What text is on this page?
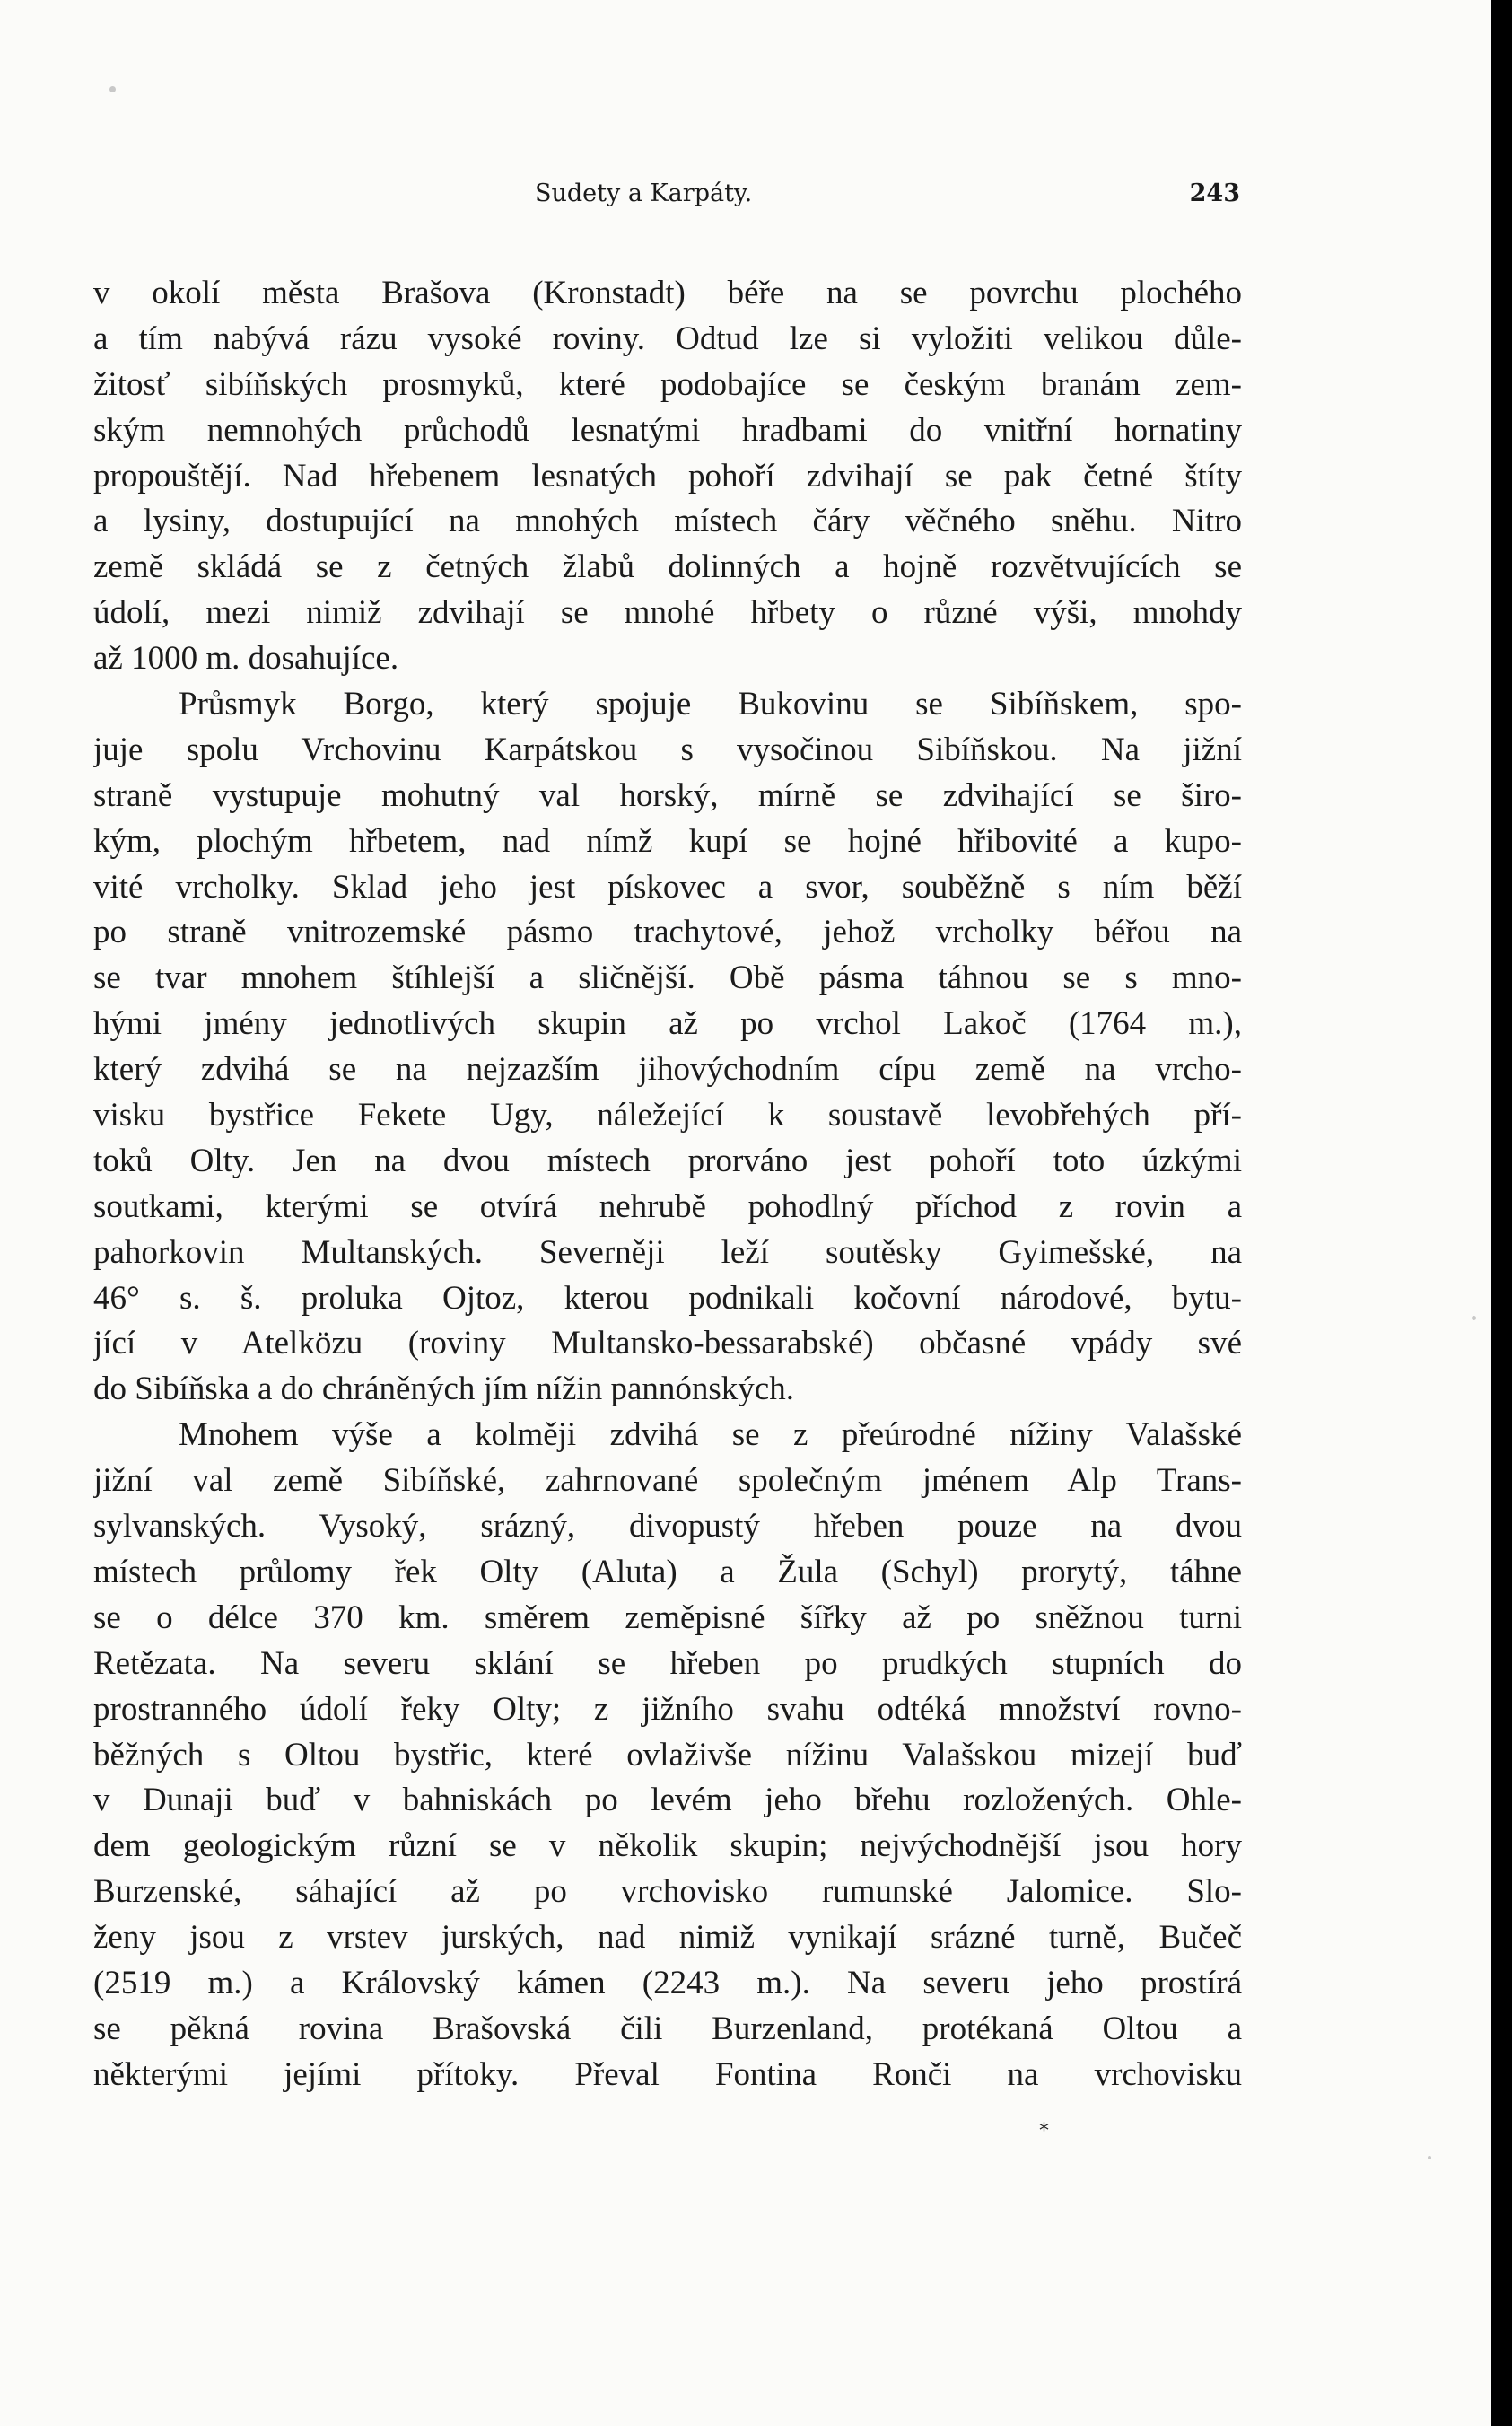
Sudety a Karpáty.	243
v okolí města Brašova (Kronstadt) béře na se povrchu plochého
a tím nabývá rázu vysoké roviny. Odtud lze si vyložiti velikou důle-
žitosť sibíňských prosmyků, které podobajíce se českým branám zem-
ským nemnohých průchodů lesnatými hradbami do vnitřní hornatiny
propouštějí. Nad hřebenem lesnatých pohoří zdvihají se pak četné štíty
a lysiny, dostupující na mnohých místech čáry věčného sněhu. Nitro
země skládá se z četných žlabů dolinných a hojně rozvětvujících se
údolí, mezi nimiž zdvihají se mnohé hřbety o různé výši, mnohdy
až 1000 m. dosahujíce.
Průsmyk Borgo, který spojuje Bukovinu se Sibíňskem, spo-
juje spolu Vrchovinu Karpátskou s vysočinou Sibíňskou. Na jižní
straně vystupuje mohutný val horský, mírně se zdvihající se širo-
kým, plochým hřbetem, nad nímž kupí se hojné hřibovité a kupo-
vité vrcholky. Sklad jeho jest pískovec a svor, souběžně s ním běží
po straně vnitrozemské pásmo trachytové, jehož vrcholky béřou na
se tvar mnohem štíhlejší a sličnější. Obě pásma táhnou se s mno-
hými jmény jednotlivých skupin až po vrchol Lakoč (1764 m.),
který zdvihá se na nejzazším jihovýchodním cípu země na vrcho-
visku bystřice Fekete Ugy, náležející k soustavě levobřehých pří-
toků Olty. Jen na dvou místech prorváno jest pohoří toto úzkými
soutkami, kterými se otvírá nehrubě pohodlný příchod z rovin a
pahorkovin Multanských. Severněji leží soutěsky Gyimešské, na
46° s. š. proluka Ojtoz, kterou podnikali kočovní národové, bytu-
jící v Atelközu (roviny Multansko-bessarabské) občasné vpády své
do Sibíňska a do chráněných jím nížin pannónských.
Mnohem výše a kolměji zdvihá se z přeúrodné nížiny Valašské
jižní val země Sibíňské, zahrnované společným jménem Alp Trans-
sylvanských. Vysoký, srázný, divopustý hřeben pouze na dvou
místech průlomy řek Olty (Aluta) a Žula (Schyl) prorytý, táhne
se o délce 370 km. směrem zeměpisné šířky až po sněžnou turni
Retězata. Na severu sklání se hřeben po prudkých stupních do
prostranného údolí řeky Olty; z jižního svahu odtéká množství rovno-
běžných s Oltou bystřic, které ovlaživše nížinu Valašskou mizejí buď
v Dunaji buď v bahniskách po levém jeho břehu rozložených. Ohle-
dem geologickým různí se v několik skupin; nejvýchodnější jsou hory
Burzenské, sáhající až po vrchovisko rumunské Jalomice. Slo-
ženy jsou z vrstev jurských, nad nimiž vynikají srázné turně, Bučeč
(2519 m.) a Královský kámen (2243 m.). Na severu jeho prostírá
se pěkná rovina Brašovská čili Burzenland, protékaná Oltou a
některými jejími přítoky. Převal Fontina Ronči na vrchovisku
*
